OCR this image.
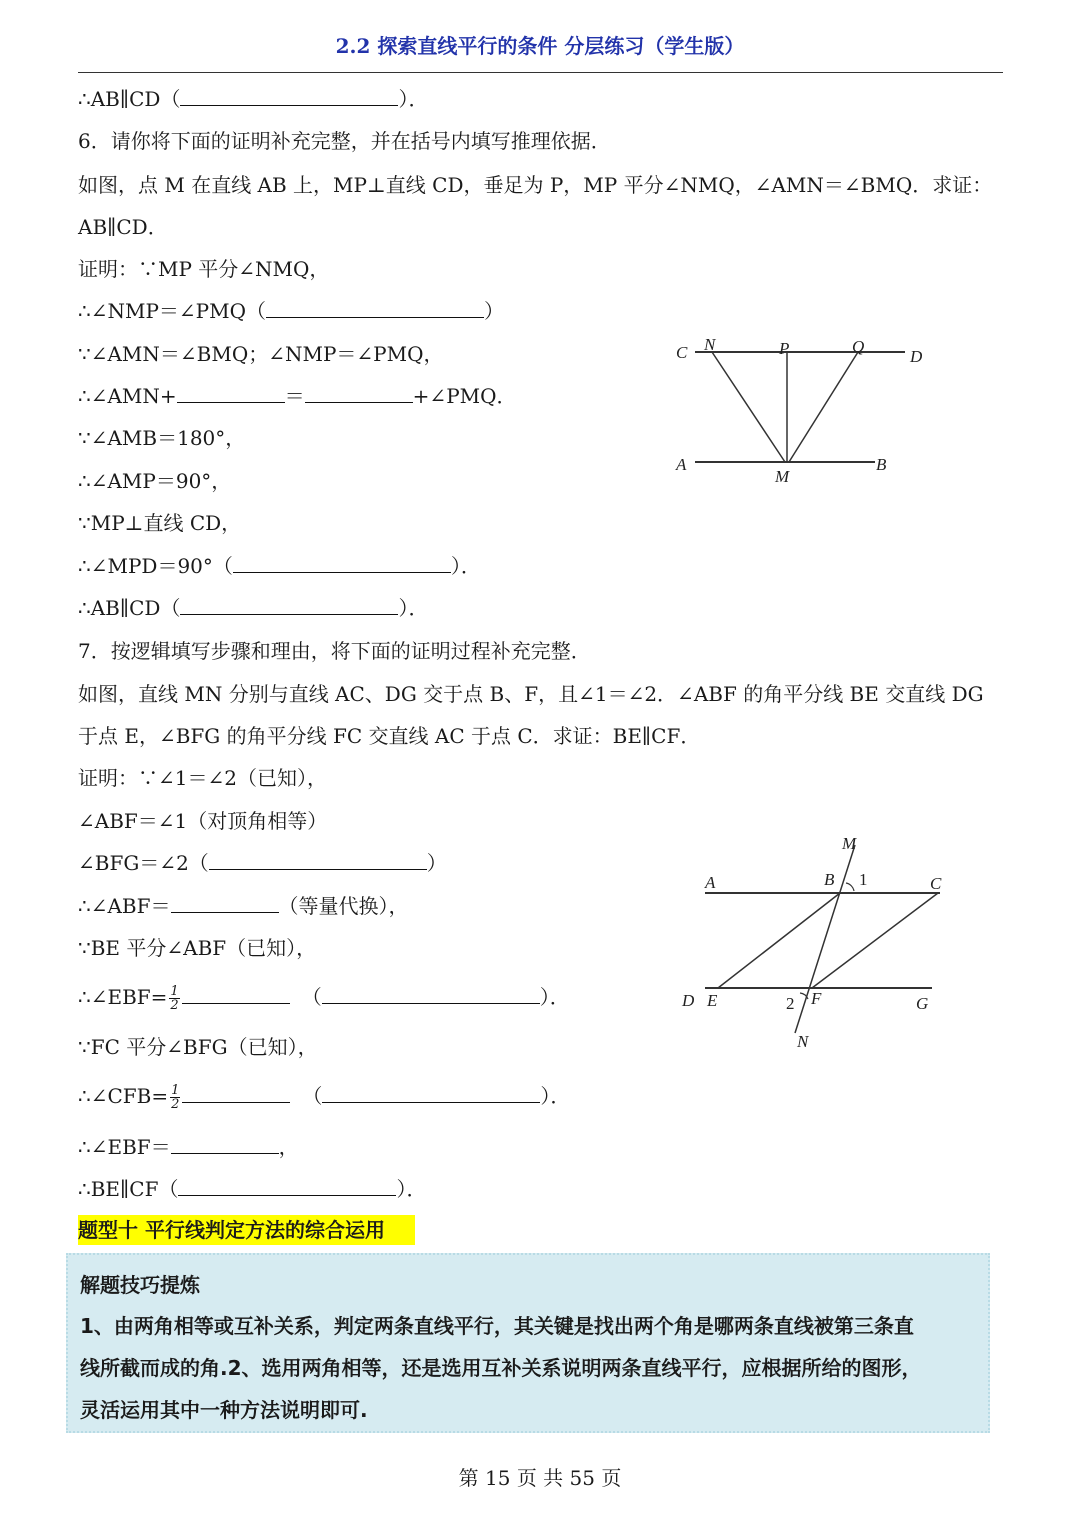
2.2 探索直线平行的条件 分层练习（学生版）
∴AB∥CD（	）．
6．请你将下面的证明补充完整，并在括号内填写推理依据．
如图，点 M 在直线 AB 上，MP⊥直线 CD，垂足为 P，MP 平分∠NMQ，∠AMN＝∠BMQ．求证：
AB∥CD．
证明：∵MP 平分∠NMQ，
∴∠NMP＝∠PMQ（	）
∵∠AMN＝∠BMQ；∠NMP＝∠PMQ，
∴∠AMN+	＝	+∠PMQ．
∵∠AMB＝180°，
∴∠AMP＝90°，
∵MP⊥直线 CD，
∴∠MPD＝90°（	）．
∴AB∥CD（	）．
C N	P	Q
D
A
M
B
7．按逻辑填写步骤和理由，将下面的证明过程补充完整．
如图，直线 MN 分别与直线 AC、DG 交于点 B、F，且∠1＝∠2．∠ABF 的角平分线 BE 交直线 DG
于点 E，∠BFG 的角平分线 FC 交直线 AC 于点 C．求证：BE∥CF．
证明：∵∠1＝∠2（已知），
∠ABF＝∠1（对顶角相等）
∠BFG＝∠2（	）
∴∠ABF＝	（等量代换），
∵BE 平分∠ABF（已知），
∴∠EBF= $\frac{1}{2}$	（	）．
∵FC 平分∠BFG（已知），
∴∠CFB= $\frac{1}{2}$	（	）．
∴∠EBF＝	，
∴BE∥CF（	）．
M
A	B 1	C
D E	2 F	G
N
题型十 平行线判定方法的综合运用
解题技巧提炼
1、由两角相等或互补关系，判定两条直线平行，其关键是找出两个角是哪两条直线被第三条直
线所截而成的角.2、选用两角相等，还是选用互补关系说明两条直线平行，应根据所给的图形，
灵活运用其中一种方法说明即可.
第 15 页 共 55 页
